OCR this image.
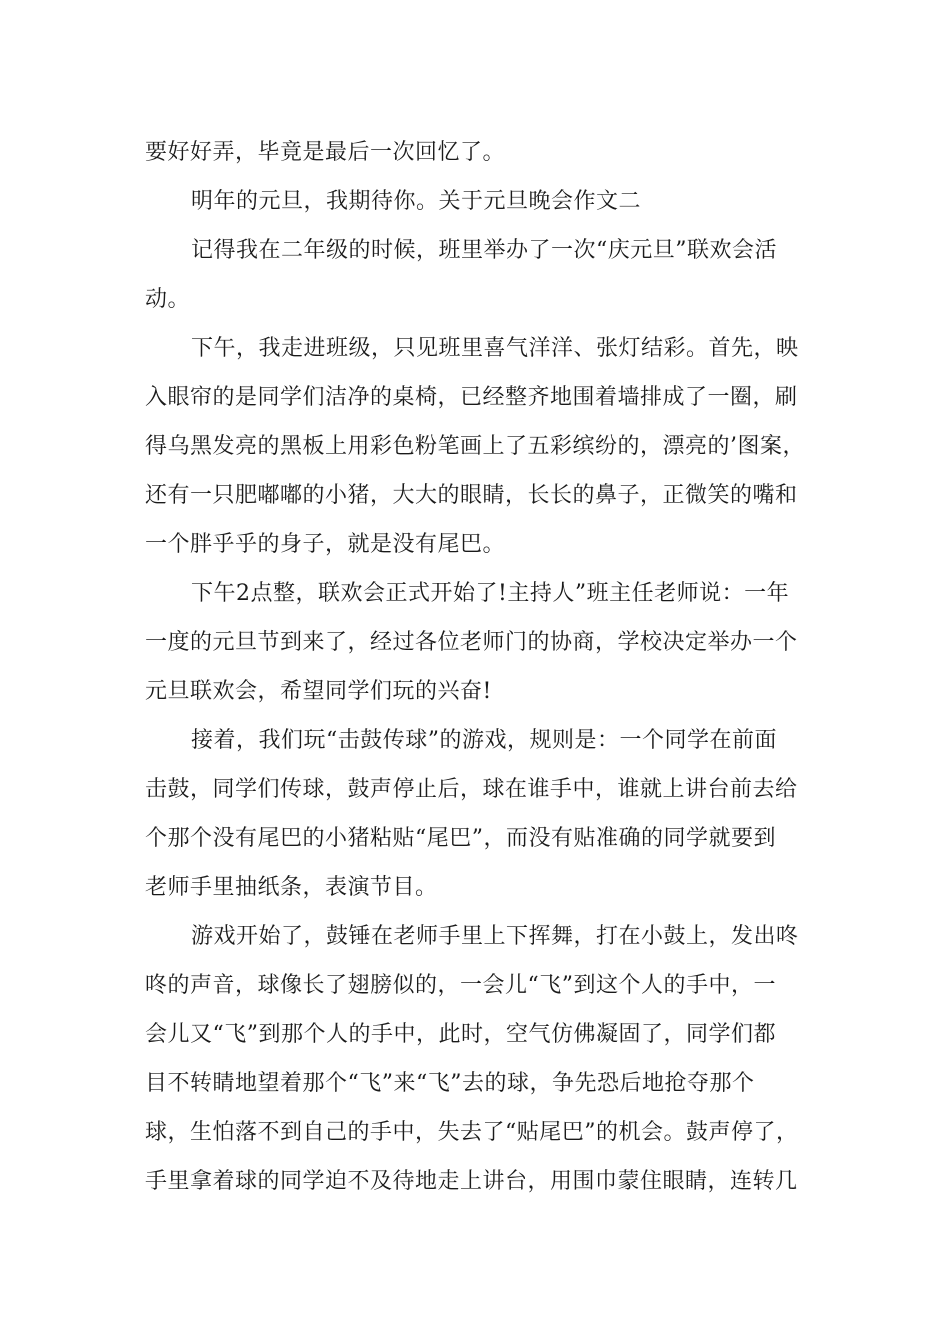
要好好弄，毕竟是最后一次回忆了。
明年的元旦，我期待你。关于元旦晚会作文二
记得我在二年级的时候，班里举办了一次“庆元旦”联欢会活
动。
下午，我走进班级，只见班里喜气洋洋、张灯结彩。首先，映
入眼帘的是同学们洁净的桌椅，已经整齐地围着墙排成了一圈，刷
得乌黑发亮的黑板上用彩色粉笔画上了五彩缤纷的，漂亮的’图案，
还有一只肥嘟嘟的小猪，大大的眼睛，长长的鼻子，正微笑的嘴和
一个胖乎乎的身子，就是没有尾巴。
下午2点整，联欢会正式开始了!主持人”班主任老师说：一年
一度的元旦节到来了，经过各位老师门的协商，学校决定举办一个
元旦联欢会，希望同学们玩的兴奋!
接着，我们玩“击鼓传球”的游戏，规则是：一个同学在前面
击鼓，同学们传球，鼓声停止后，球在谁手中，谁就上讲台前去给
个那个没有尾巴的小猪粘贴“尾巴”，而没有贴准确的同学就要到
老师手里抽纸条，表演节目。
游戏开始了，鼓锤在老师手里上下挥舞，打在小鼓上，发出咚
咚的声音，球像长了翅膀似的，一会儿“飞”到这个人的手中，一
会儿又“飞”到那个人的手中，此时，空气仿佛凝固了，同学们都
目不转睛地望着那个“飞”来“飞”去的球，争先恐后地抢夺那个
球，生怕落不到自己的手中，失去了“贴尾巴”的机会。鼓声停了，
手里拿着球的同学迫不及待地走上讲台，用围巾蒙住眼睛，连转几
